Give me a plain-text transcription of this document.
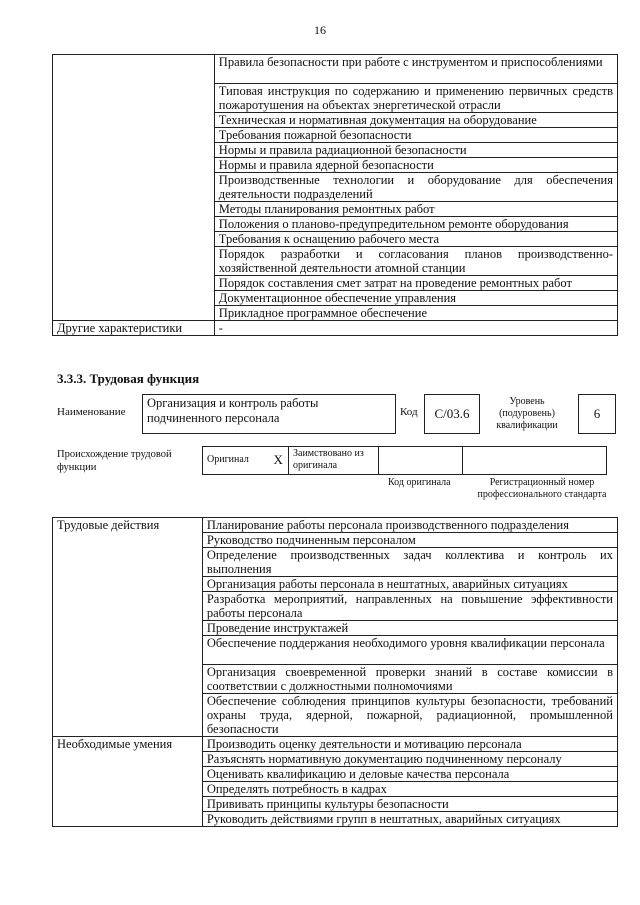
16
	Правила безопасности при работе с инструментом и приспособлениями
	Типовая инструкция по содержанию и применению первичных средств пожаротушения на объектах энергетической отрасли
	Техническая и нормативная документация на оборудование
	Требования пожарной безопасности
	Нормы и правила радиационной безопасности
	Нормы и правила ядерной безопасности
	Производственные технологии и оборудование для обеспечения деятельности подразделений
	Методы планирования ремонтных работ
	Положения о планово-предупредительном ремонте оборудования
	Требования к оснащению рабочего места
	Порядок разработки и согласования планов производственно-хозяйственной деятельности атомной станции
	Порядок составления смет затрат на проведение ремонтных работ
	Документационное обеспечение управления
	Прикладное программное обеспечение
Другие характеристики	-
3.3.3. Трудовая функция
Наименование
Организация и контроль работы подчиненного персонала	Код	C/03.6
Уровень (подуровень) квалификации
6
Происхождение трудовой функции
Оригинал	X	Заимствовано из оригинала		
Код оригинала	Регистрационный номер профессионального стандарта
Трудовые действия	Планирование работы персонала производственного подразделения
	Руководство подчиненным персоналом
	Определение производственных задач коллектива и контроль их выполнения
	Организация работы персонала в нештатных, аварийных ситуациях
	Разработка мероприятий, направленных на повышение эффективности работы персонала
	Проведение инструктажей
	Обеспечение поддержания необходимого уровня квалификации персонала
	Организация своевременной проверки знаний в составе комиссии в соответствии с должностными полномочиями
	Обеспечение соблюдения принципов культуры безопасности, требований охраны труда, ядерной, пожарной, радиационной, промышленной безопасности
Необходимые умения	Производить оценку деятельности и мотивацию персонала
	Разъяснять нормативную документацию подчиненному персоналу
	Оценивать квалификацию и деловые качества персонала
	Определять потребность в кадрах
	Прививать принципы культуры безопасности
	Руководить действиями групп в нештатных, аварийных ситуациях
